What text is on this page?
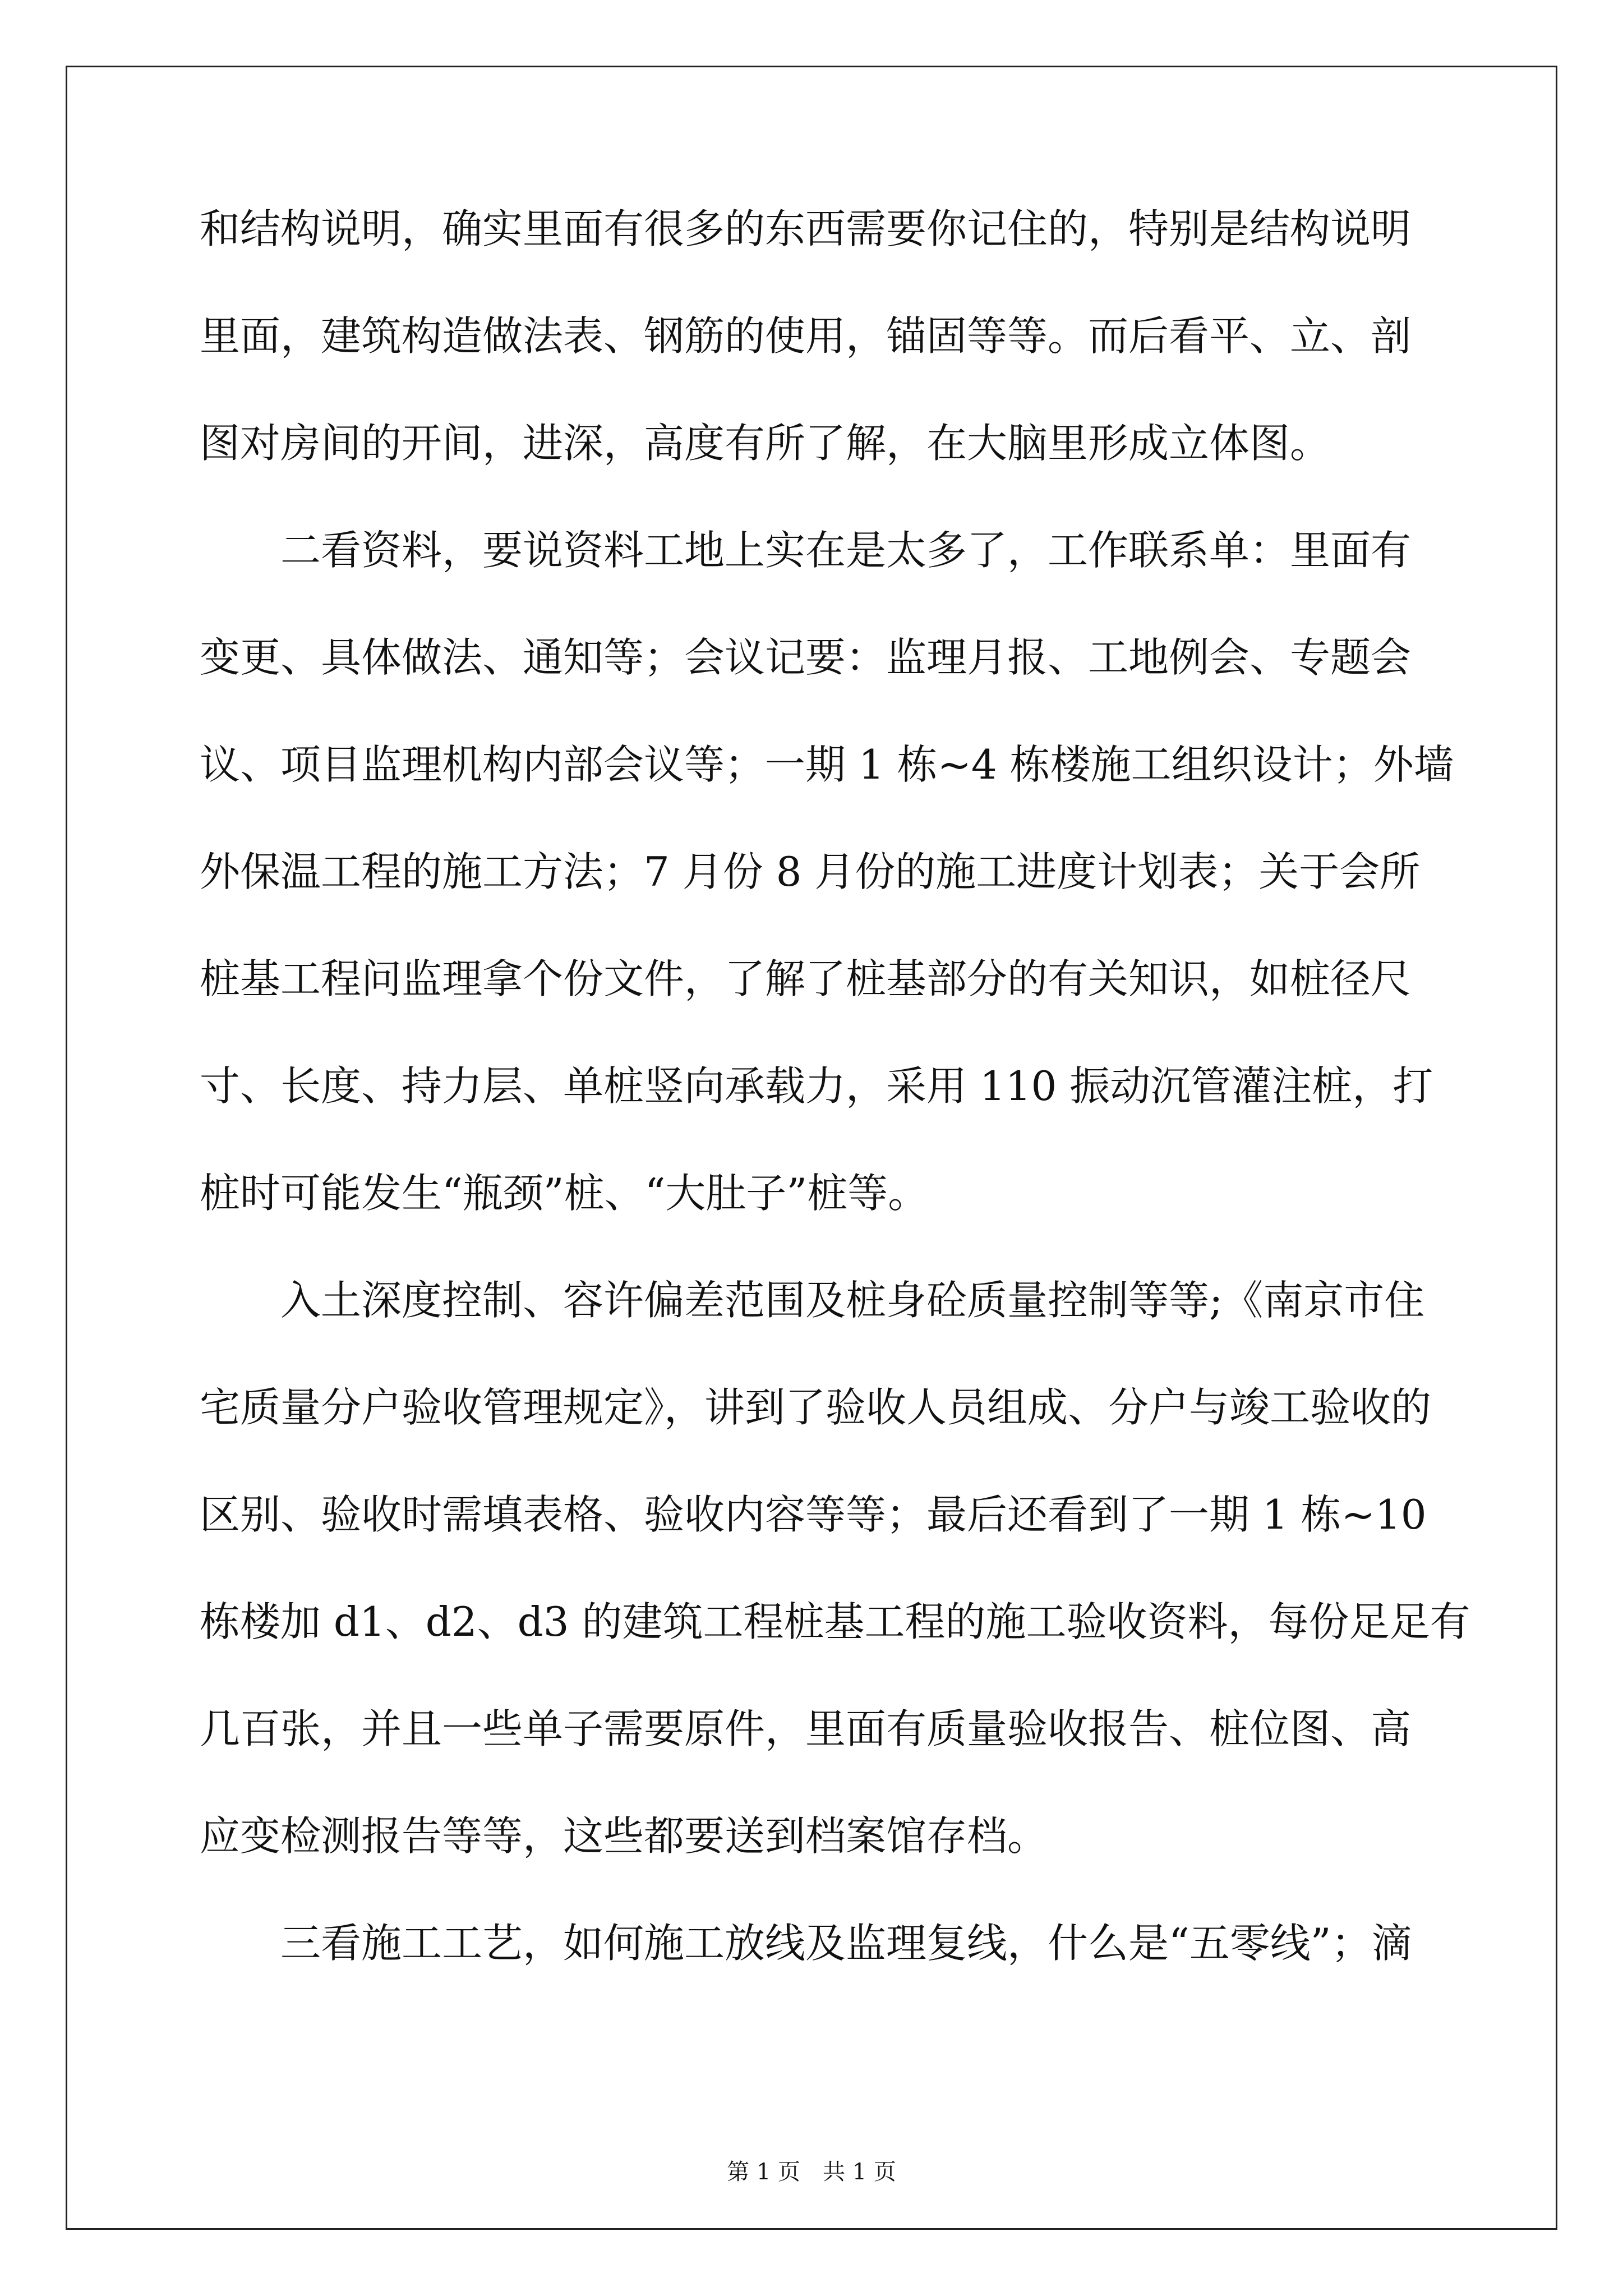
和结构说明，确实里面有很多的东西需要你记住的，特别是结构说明
里面，建筑构造做法表、钢筋的使用，锚固等等。而后看平、立、剖
图对房间的开间，进深，高度有所了解，在大脑里形成立体图。
二看资料，要说资料工地上实在是太多了，工作联系单：里面有
变更、具体做法、通知等；会议记要：监理月报、工地例会、专题会
议、项目监理机构内部会议等；一期 1 栋~4 栋楼施工组织设计；外墙
外保温工程的施工方法；7 月份 8 月份的施工进度计划表；关于会所
桩基工程问监理拿个份文件，了解了桩基部分的有关知识，如桩径尺
寸、长度、持力层、单桩竖向承载力，采用 110 振动沉管灌注桩，打
桩时可能发生“瓶颈”桩、“大肚子”桩等。
入土深度控制、容许偏差范围及桩身砼质量控制等等;《南京市住
宅质量分户验收管理规定》，讲到了验收人员组成、分户与竣工验收的
区别、验收时需填表格、验收内容等等；最后还看到了一期 1 栋~10
栋楼加 d1、d2、d3 的建筑工程桩基工程的施工验收资料，每份足足有
几百张，并且一些单子需要原件，里面有质量验收报告、桩位图、高
应变检测报告等等，这些都要送到档案馆存档。
三看施工工艺，如何施工放线及监理复线，什么是“五零线”；滴
第 1 页 共 1 页
